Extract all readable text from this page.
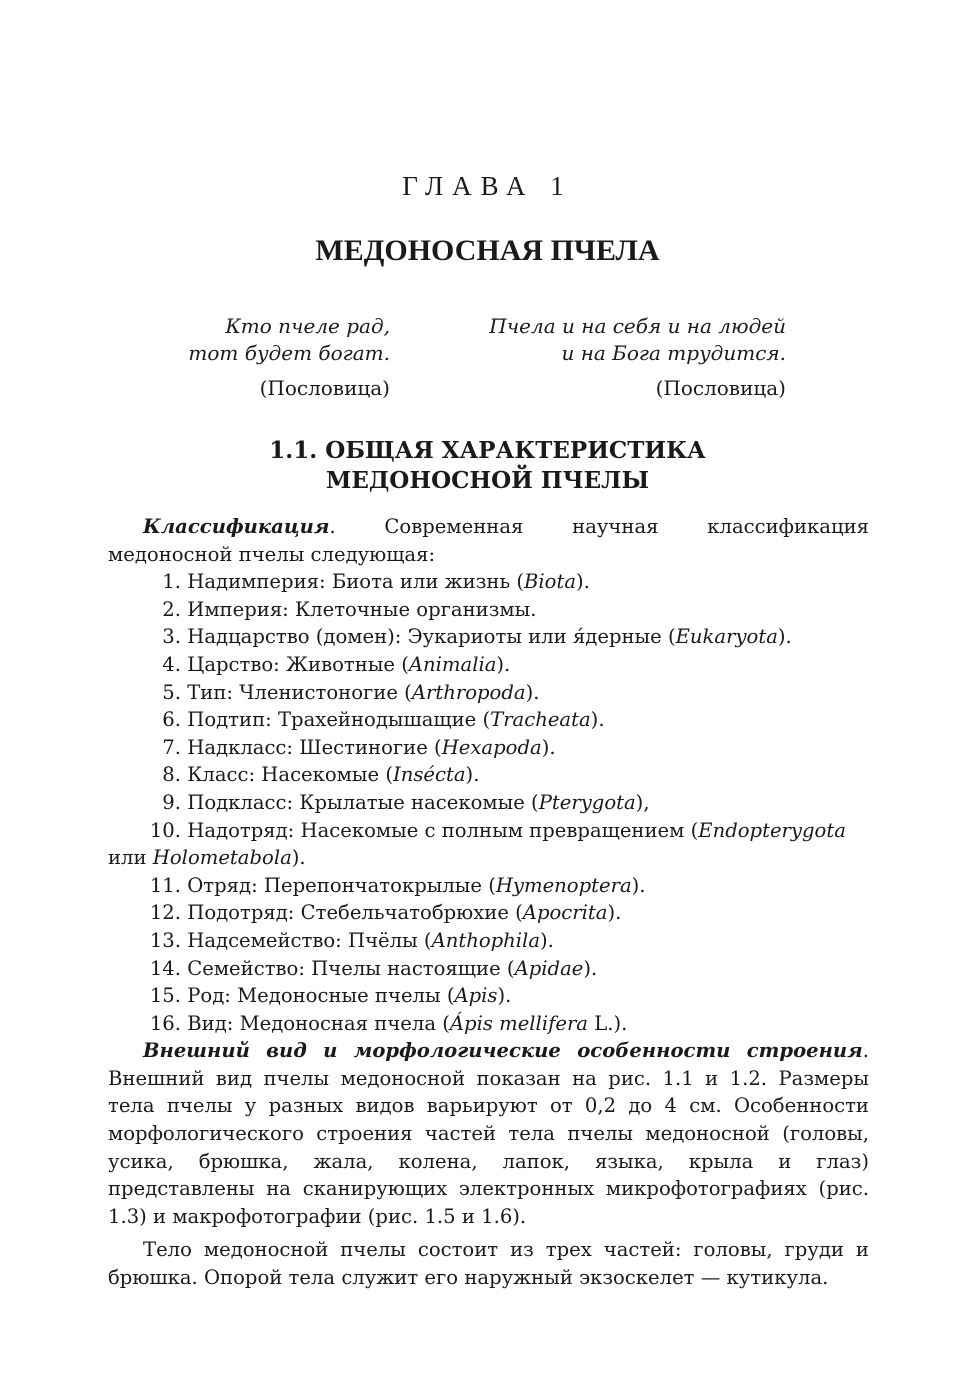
ГЛАВА 1
МЕДОНОСНАЯ ПЧЕЛА
Кто пчеле рад,
тот будет богат.
(Пословица)
Пчела и на себя и на людей
и на Бога трудится.
(Пословица)
1.1. ОБЩАЯ ХАРАКТЕРИСТИКА
МЕДОНОСНОЙ ПЧЕЛЫ

Классификация. Современная научная классификация медоносной пчелы следующая:

1. Надимперия: Биота или жизнь (Biota).
2. Империя: Клеточные организмы.
3. Надцарство (домен): Эукариоты или я́дерные (Eukaryota).
4. Царство: Животные (Animalia).
5. Тип: Членистоногие (Arthropoda).
6. Подтип: Трахейнодышащие (Tracheata).
7. Надкласс: Шестиногие (Hexapoda).
8. Класс: Насекомые (Insécta).
9. Подкласс: Крылатые насекомые (Pterygota),
10. Надотряд: Насекомые с полным превращением (Endopterygota или Holometabola).
11. Отряд: Перепончатокрылые (Hymenoptera).
12. Подотряд: Стебельчатобрюхие (Apocrita).
13. Надсемейство: Пчёлы (Anthophila).
14. Семейство: Пчелы настоящие (Apidae).
15. Род: Медоносные пчелы (Apis).
16. Вид: Медоносная пчела (Ápis mellifera L.).

Внешний вид и морфологические особенности строения. Внешний вид пчелы медоносной показан на рис. 1.1 и 1.2. Размеры тела пчелы у разных видов варьируют от 0,2 до 4 см. Особенности морфологического строения частей тела пчелы медоносной (головы, усика, брюшка, жала, колена, лапок, языка, крыла и глаз) представлены на сканирующих электронных микрофотографиях (рис. 1.3) и макрофотографии (рис. 1.5 и 1.6).

Тело медоносной пчелы состоит из трех частей: головы, груди и брюшка. Опорой тела служит его наружный экзоскелет — кутикула.
